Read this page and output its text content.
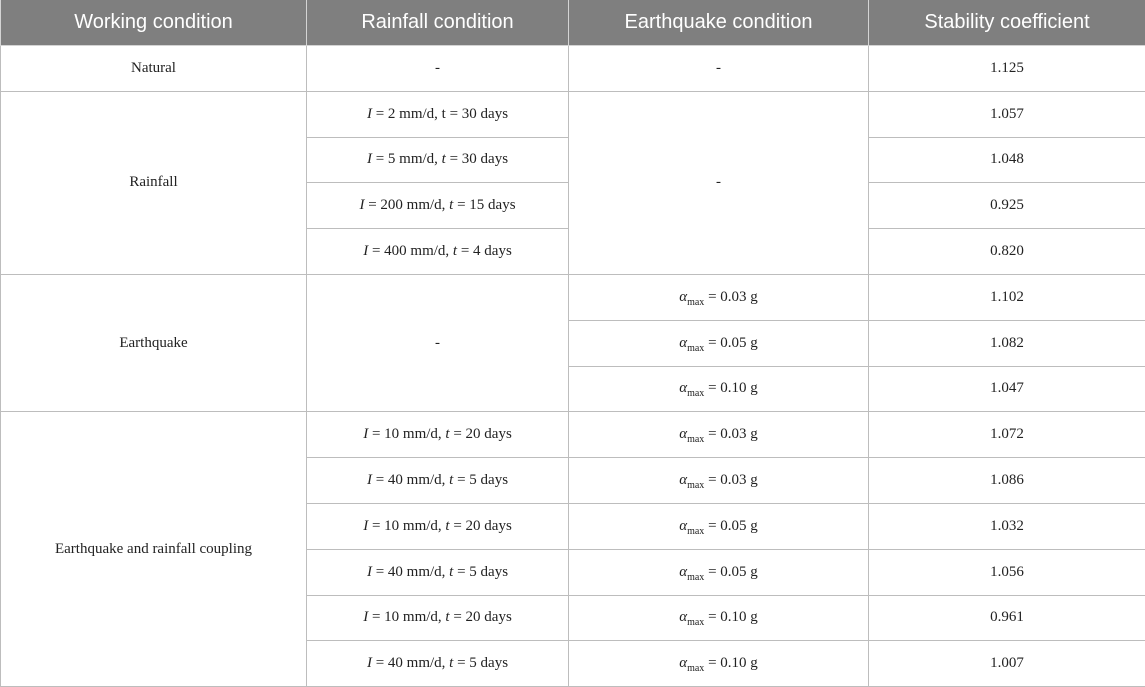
Working condition	Rainfall condition	Earthquake condition	Stability coefficient
Natural	-	-	1.125
Rainfall	I = 2 mm/d, t = 30 days	-	1.057
	I = 5 mm/d, t = 30 days		1.048
	I = 200 mm/d, t = 15 days		0.925
	I = 400 mm/d, t = 4 days		0.820
Earthquake	-	$\alpha_{max} = 0.03$ g	1.102
		$\alpha_{max} = 0.05$ g	1.082
		$\alpha_{max} = 0.10$ g	1.047
Earthquake and rainfall coupling	I = 10 mm/d, t = 20 days	$\alpha_{max} = 0.03$ g	1.072
	I = 40 mm/d, t = 5 days	$\alpha_{max} = 0.03$ g	1.086
	I = 10 mm/d, t = 20 days	$\alpha_{max} = 0.05$ g	1.032
	I = 40 mm/d, t = 5 days	$\alpha_{max} = 0.05$ g	1.056
	I = 10 mm/d, t = 20 days	$\alpha_{max} = 0.10$ g	0.961
	I = 40 mm/d, t = 5 days	$\alpha_{max} = 0.10$ g	1.007
